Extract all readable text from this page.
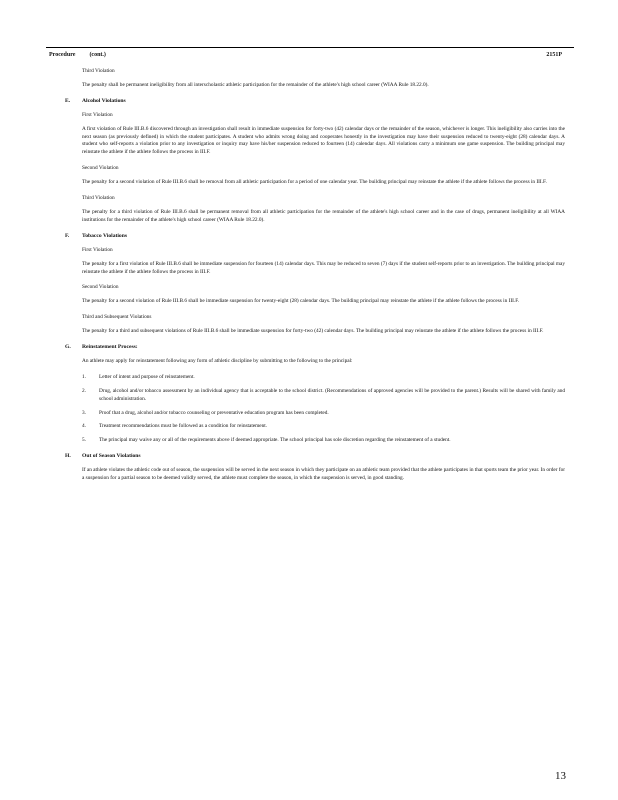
Procedure (cont.)	2151P
Third Violation

The penalty shall be permanent ineligibility from all interscholastic athletic participation for the remainder of the athlete's high school career (WIAA Rule 18.22.0).

E. Alcohol Violations
First Violation

A first violation of Rule III.B.6 discovered through an investigation shall result in immediate suspension for forty-two (42) calendar days or the remainder of the season, whichever is longer. This ineligibility also carries into the next season (as previously defined) in which the student participates. A student who admits wrong doing and cooperates honestly in the investigation may have their suspension reduced to twenty-eight (28) calendar days. A student who self-reports a violation prior to any investigation or inquiry may have his/her suspension reduced to fourteen (14) calendar days. All violations carry a minimum one game suspension. The building principal may reinstate the athlete if the athlete follows the process in III.F.

Second Violation

The penalty for a second violation of Rule III.B.6 shall be removal from all athletic participation for a period of one calendar year. The building principal may reinstate the athlete if the athlete follows the process in III.F.

Third Violation

The penalty for a third violation of Rule III.B.6 shall be permanent removal from all athletic participation for the remainder of the athlete's high school career and in the case of drugs, permanent ineligibility at all WIAA institutions for the remainder of the athlete's high school career (WIAA Rule 18.22.0).

F. Tobacco Violations
First Violation

The penalty for a first violation of Rule III.B.6 shall be immediate suspension for fourteen (14) calendar days. This may be reduced to seven (7) days if the student self-reports prior to an investigation. The building principal may reinstate the athlete if the athlete follows the process in III.F.

Second Violation

The penalty for a second violation of Rule III.B.6 shall be immediate suspension for twenty-eight (28) calendar days. The building principal may reinstate the athlete if the athlete follows the process in III.F.

Third and Subsequent Violations

The penalty for a third and subsequent violations of Rule III.B.6 shall be immediate suspension for forty-two (42) calendar days. The building principal may reinstate the athlete if the athlete follows the process in III.F.

G. Reinstatement Process:

An athlete may apply for reinstatement following any form of athletic discipline by submitting to the following to the principal:

1. Letter of intent and purpose of reinstatement.
2. Drug, alcohol and/or tobacco assessment by an individual agency that is acceptable to the school district. (Recommendations of approved agencies will be provided to the parent.) Results will be shared with family and school administration.
3. Proof that a drug, alcohol and/or tobacco counseling or preventative education program has been completed.
4. Treatment recommendations must be followed as a condition for reinstatement.
5. The principal may waive any or all of the requirements above if deemed appropriate. The school principal has sole discretion regarding the reinstatement of a student.
H. Out of Season Violations

If an athlete violates the athletic code out of season, the suspension will be served in the next season in which they participate on an athletic team provided that the athlete participates in that sports team the prior year. In order for a suspension for a partial season to be deemed validly served, the athlete must complete the season, in which the suspension is served, in good standing.

13
